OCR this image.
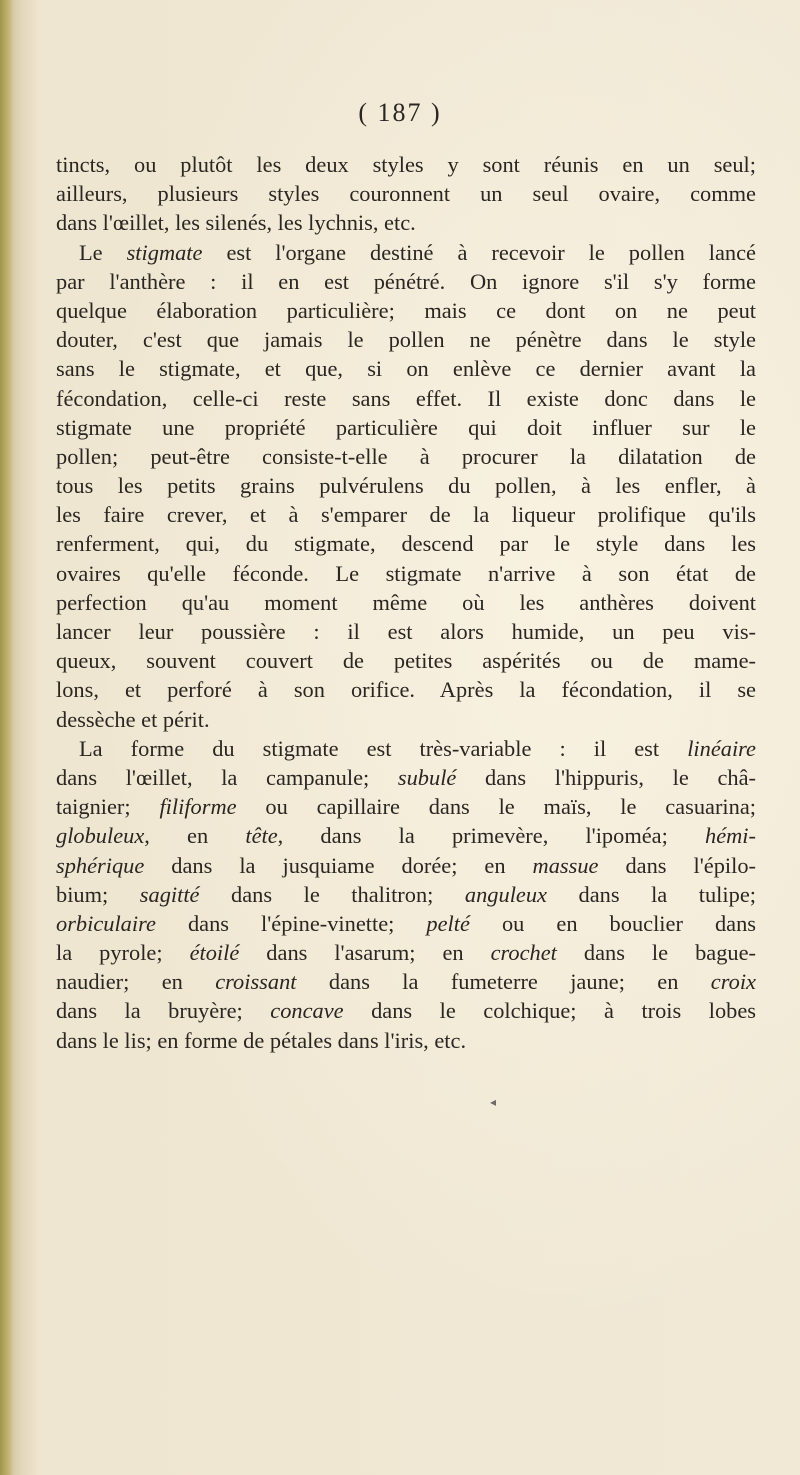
( 187 )
tincts, ou plutôt les deux styles y sont réunis en un seul;
ailleurs, plusieurs styles couronnent un seul ovaire, comme
dans l'œillet, les silenés, les lychnis, etc.
Le stigmate est l'organe destiné à recevoir le pollen lancé
par l'anthère : il en est pénétré. On ignore s'il s'y forme
quelque élaboration particulière; mais ce dont on ne peut
douter, c'est que jamais le pollen ne pénètre dans le style
sans le stigmate, et que, si on enlève ce dernier avant la
fécondation, celle-ci reste sans effet. Il existe donc dans le
stigmate une propriété particulière qui doit influer sur le
pollen; peut-être consiste-t-elle à procurer la dilatation de
tous les petits grains pulvérulens du pollen, à les enfler, à
les faire crever, et à s'emparer de la liqueur prolifique qu'ils
renferment, qui, du stigmate, descend par le style dans les
ovaires qu'elle féconde. Le stigmate n'arrive à son état de
perfection qu'au moment même où les anthères doivent
lancer leur poussière : il est alors humide, un peu vis-
queux, souvent couvert de petites aspérités ou de mame-
lons, et perforé à son orifice. Après la fécondation, il se
dessèche et périt.
La forme du stigmate est très-variable : il est linéaire
dans l'œillet, la campanule; subulé dans l'hippuris, le châ-
taignier; filiforme ou capillaire dans le maïs, le casuarina;
globuleux, en tête, dans la primevère, l'ipoméa; hémi-
sphérique dans la jusquiame dorée; en massue dans l'épilo-
bium; sagitté dans le thalitron; anguleux dans la tulipe;
orbiculaire dans l'épine-vinette; pelté ou en bouclier dans
la pyrole; étoilé dans l'asarum; en crochet dans le bague-
naudier; en croissant dans la fumeterre jaune; en croix
dans la bruyère; concave dans le colchique; à trois lobes
dans le lis; en forme de pétales dans l'iris, etc.
◂
